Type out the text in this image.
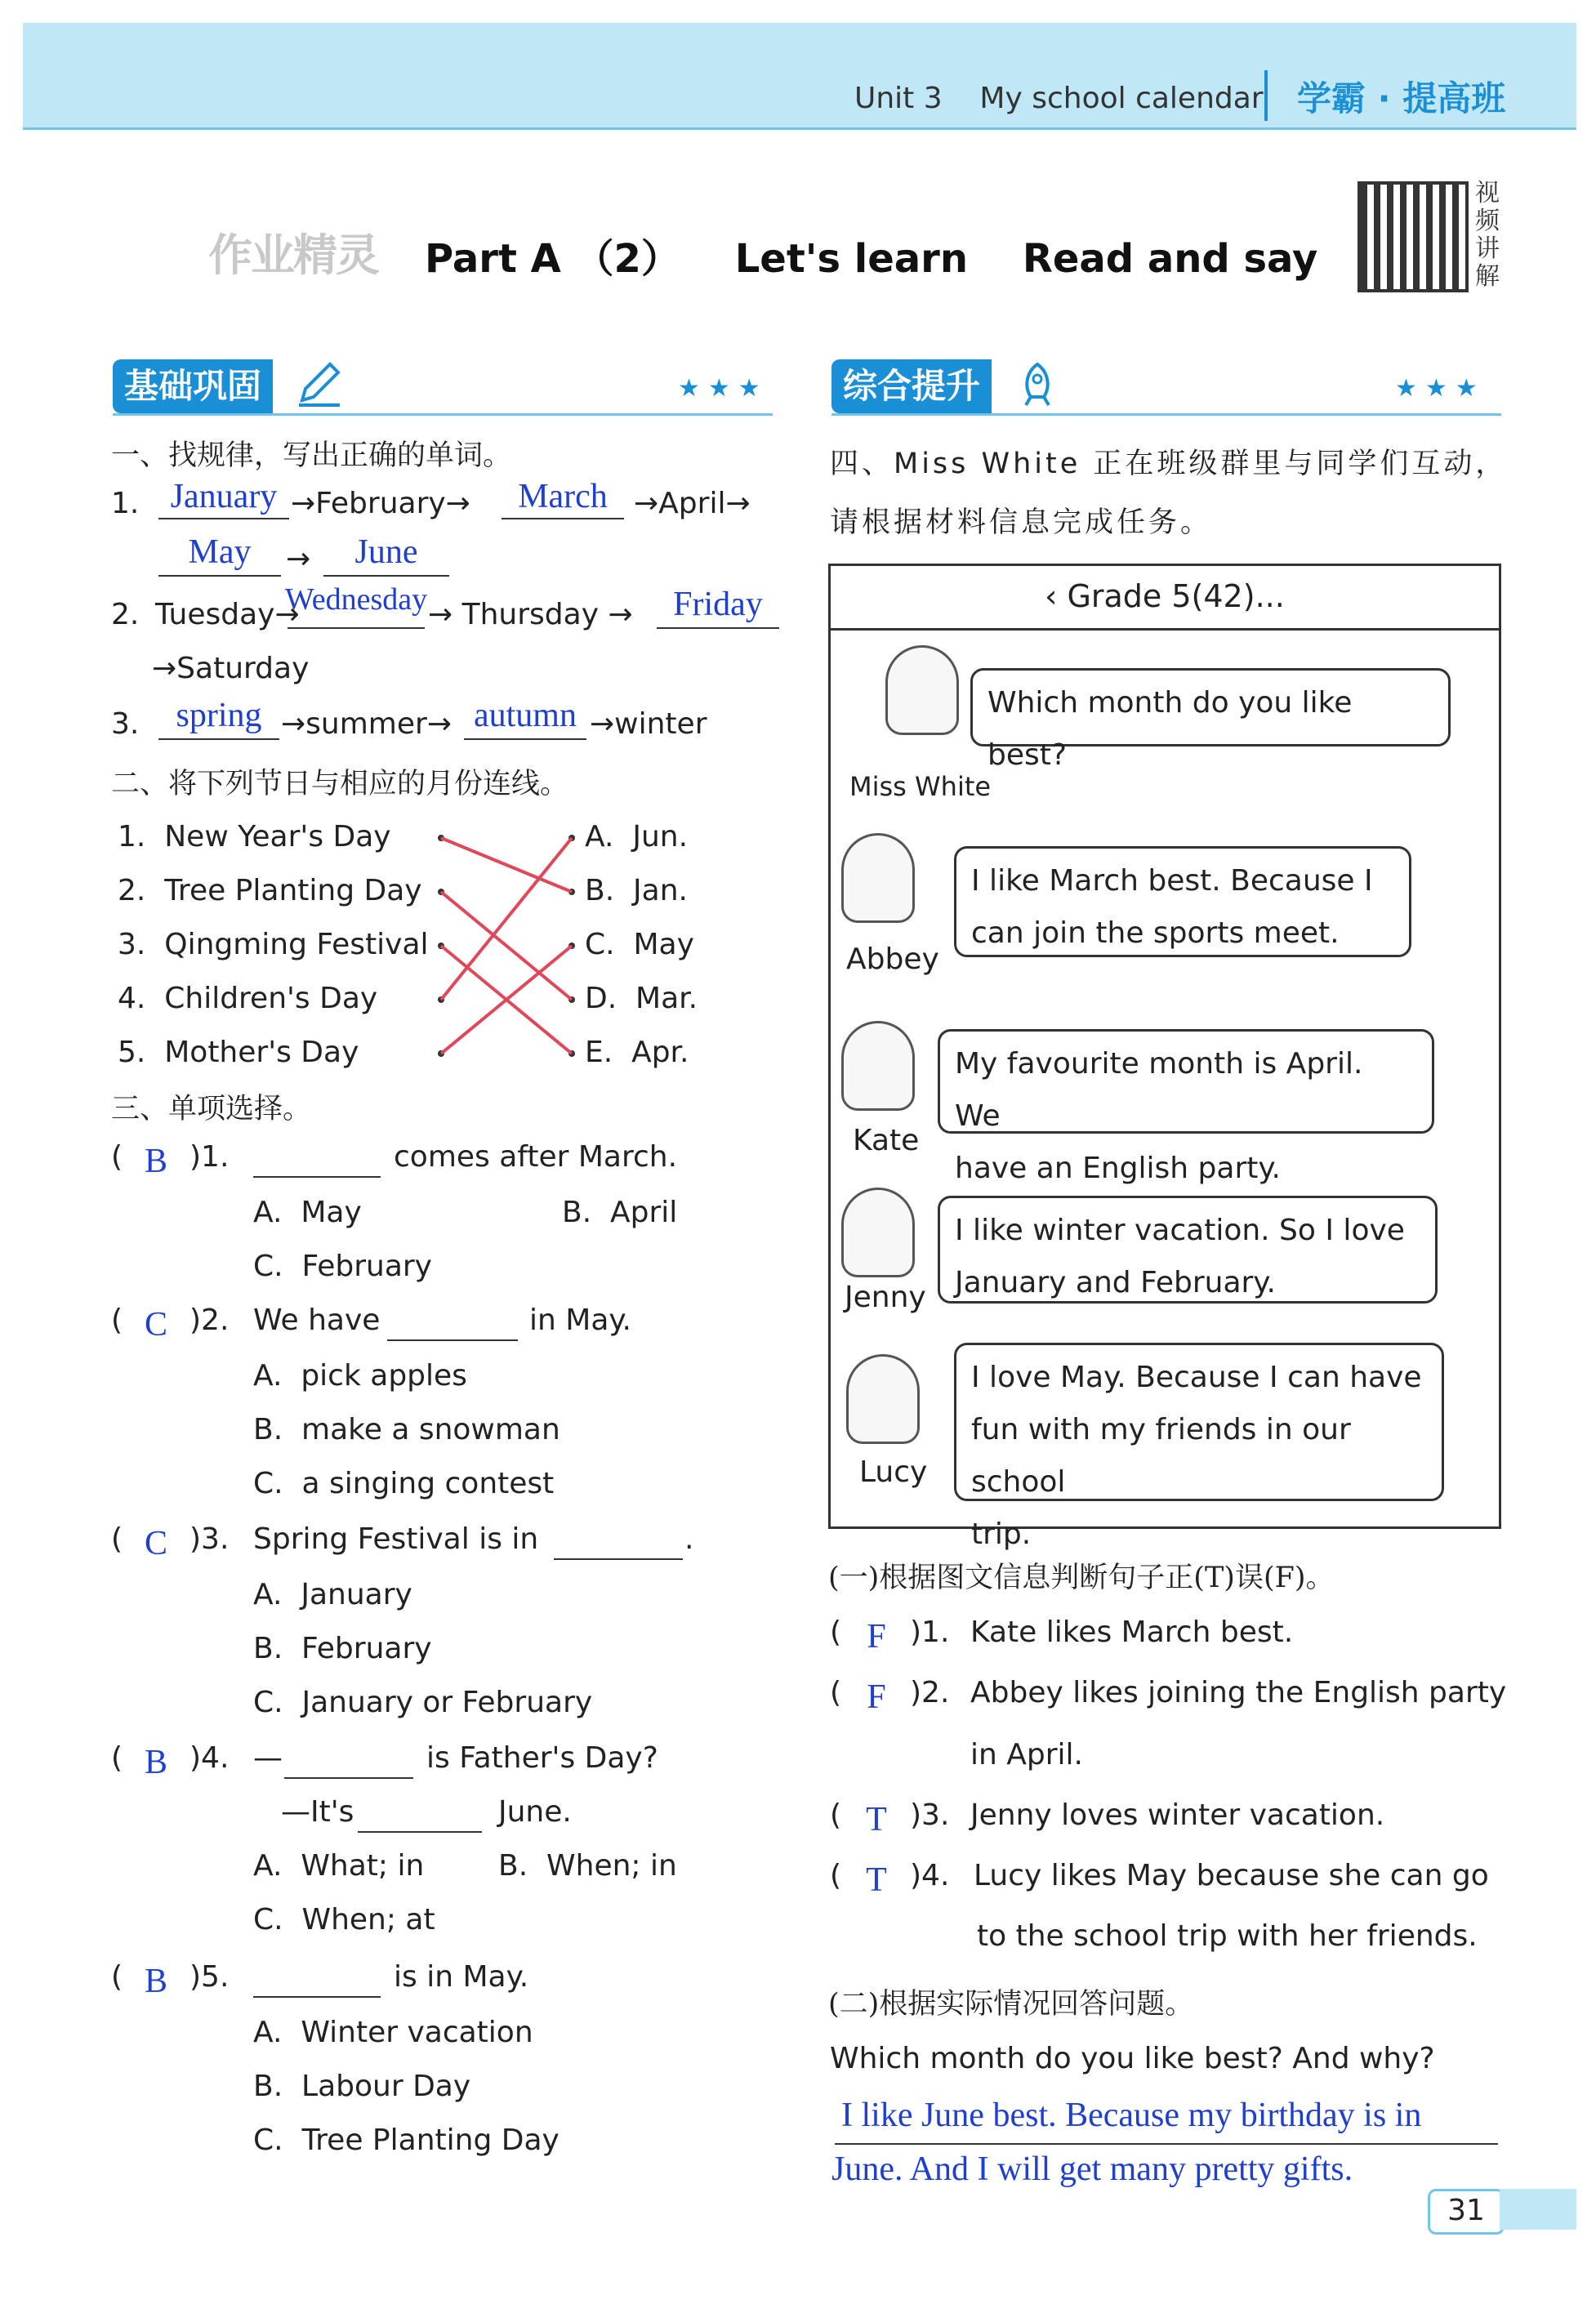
Unit 3    My school calendar 学霸 · 提高班
作业精灵 Part A （2）    Let's learn    Read and say
视频讲解
基础巩固	★★★
一、找规律，写出正确的单词。
1. January →February→	March →April→
May	→	June
2. Tuesday→
Wednesday → Thursday →	Friday
→Saturday
3.	spring →summer→ autumn →winter
二、将下列节日与相应的月份连线。
1.  New Year's Day
2.  Tree Planting Day
3.  Qingming Festival
4.  Children's Day
5.  Mother's Day
A.  Jun.
B.  Jan.
C.  May
D.  Mar.
E.  Apr.
三、单项选择。
( B )1.	comes after March.
A.  May	B.  April
C.  February
( C )2. We have	in May.
A.  pick apples
B.  make a snowman
C.  a singing contest
( C )3. Spring Festival is in	.
A.  January
B.  February
C.  January or February
( B )4. —	is Father's Day?
—It's	June.
A.  What; in	B.  When; in
C.  When; at
( B )5.	is in May.
A.  Winter vacation
B.  Labour Day
C.  Tree Planting Day
综合提升	★★★
四、Miss White 正在班级群里与同学们互动，
请根据材料信息完成任务。
‹ Grade 5(42)...
Miss White
Which month do you like best?
Abbey
I like March best. Because I
can join the sports meet.
Kate
My favourite month is April. We
have an English party.
Jenny
I like winter vacation. So I love
January and February.
Lucy
I love May. Because I can have
fun with my friends in our school
trip.
(一)根据图文信息判断句子正(T)误(F)。
( F )1. Kate likes March best.
( F )2. Abbey likes joining the English party
in April.
( T )3. Jenny loves winter vacation.
( T )4. Lucy likes May because she can go
to the school trip with her friends.
(二)根据实际情况回答问题。
Which month do you like best? And why?
I like June best. Because my birthday is in
June. And I will get many pretty gifts.
31
